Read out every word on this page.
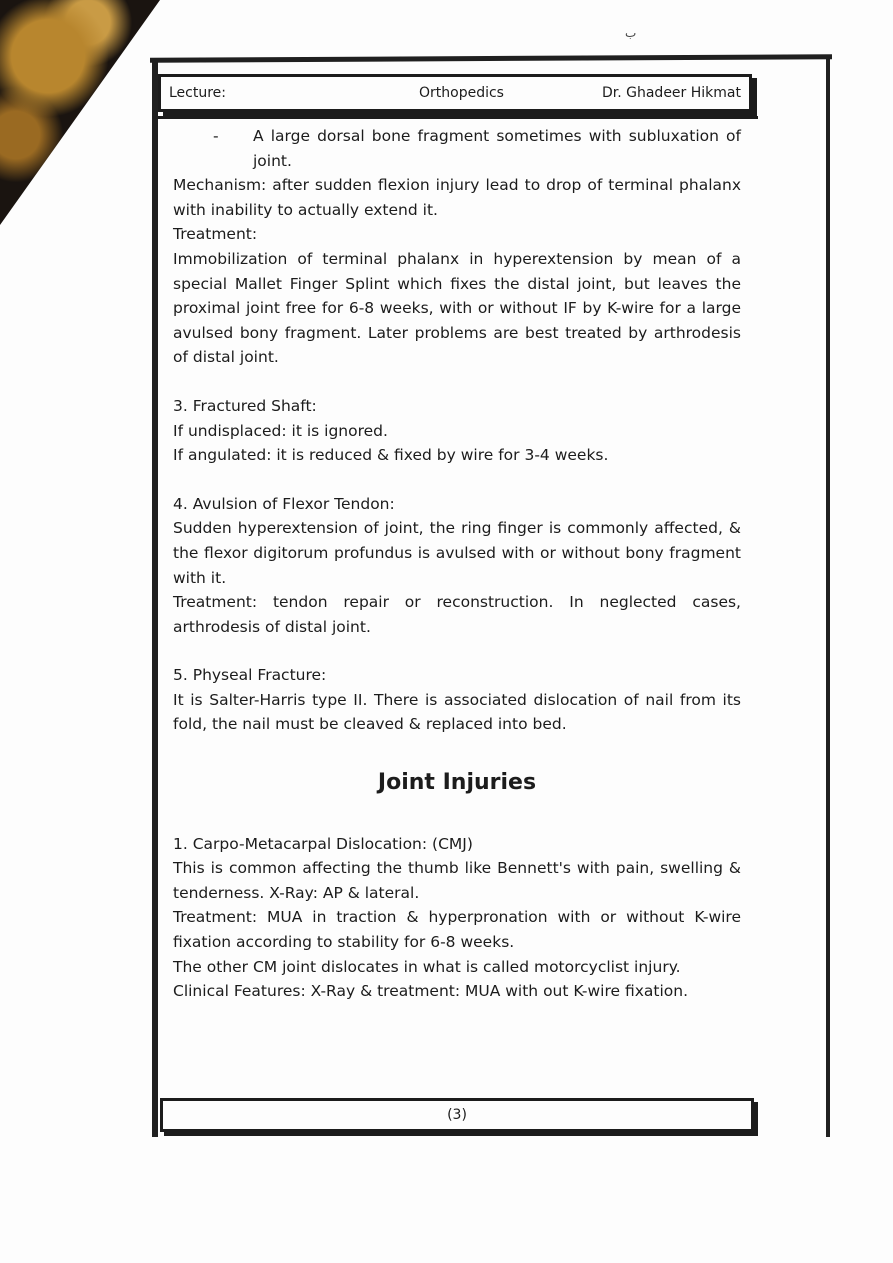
ب
Lecture:	Orthopedics	Dr. Ghadeer Hikmat
-	A large dorsal bone fragment sometimes with subluxation of joint.

Mechanism: after sudden flexion injury lead to drop of terminal phalanx with inability to actually extend it.

Treatment:

Immobilization of terminal phalanx in hyperextension by mean of a special Mallet Finger Splint which fixes the distal joint, but leaves the proximal joint free for 6-8 weeks, with or without IF by K-wire for a large avulsed bony fragment. Later problems are best treated by arthrodesis of distal joint.

3. Fractured Shaft:

If undisplaced: it is ignored.

If angulated: it is reduced & fixed by wire for 3-4 weeks.

4. Avulsion of Flexor Tendon:

Sudden hyperextension of joint, the ring finger is commonly affected, & the flexor digitorum profundus is avulsed with or without bony fragment with it.

Treatment: tendon repair or reconstruction. In neglected cases, arthrodesis of distal joint.

5. Physeal Fracture:

It is Salter-Harris type II. There is associated dislocation of nail from its fold, the nail must be cleaved & replaced into bed.

Joint Injuries

1. Carpo-Metacarpal Dislocation: (CMJ)

This is common affecting the thumb like Bennett's with pain, swelling & tenderness. X-Ray: AP & lateral.

Treatment: MUA in traction & hyperpronation with or without K-wire fixation according to stability for 6-8 weeks.

The other CM joint dislocates in what is called motorcyclist injury.

Clinical Features: X-Ray & treatment: MUA with out K-wire fixation.

(3)
